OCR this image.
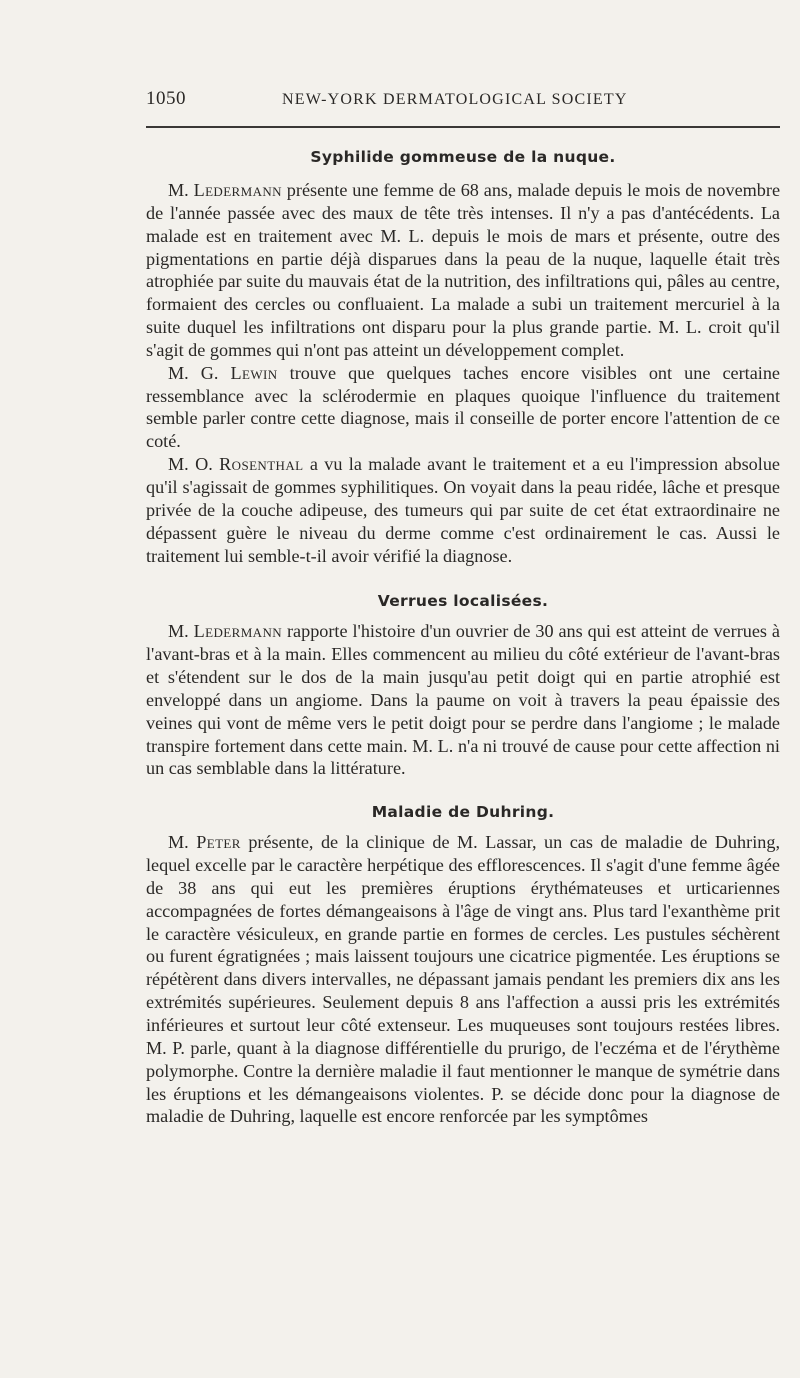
1050	NEW-YORK DERMATOLOGICAL SOCIETY
Syphilide gommeuse de la nuque.

M. Ledermann présente une femme de 68 ans, malade depuis le mois de novembre de l'année passée avec des maux de tête très intenses. Il n'y a pas d'antécédents. La malade est en traitement avec M. L. depuis le mois de mars et présente, outre des pigmentations en partie déjà disparues dans la peau de la nuque, laquelle était très atrophiée par suite du mauvais état de la nutrition, des infiltrations qui, pâles au centre, formaient des cercles ou confluaient. La malade a subi un traitement mercuriel à la suite duquel les infiltrations ont disparu pour la plus grande partie. M. L. croit qu'il s'agit de gommes qui n'ont pas atteint un développement complet.

M. G. Lewin trouve que quelques taches encore visibles ont une certaine ressemblance avec la sclérodermie en plaques quoique l'influence du traitement semble parler contre cette diagnose, mais il conseille de porter encore l'attention de ce coté.

M. O. Rosenthal a vu la malade avant le traitement et a eu l'impression absolue qu'il s'agissait de gommes syphilitiques. On voyait dans la peau ridée, lâche et presque privée de la couche adipeuse, des tumeurs qui par suite de cet état extraordinaire ne dépassent guère le niveau du derme comme c'est ordinairement le cas. Aussi le traitement lui semble-t-il avoir vérifié la diagnose.

Verrues localisées.

M. Ledermann rapporte l'histoire d'un ouvrier de 30 ans qui est atteint de verrues à l'avant-bras et à la main. Elles commencent au milieu du côté extérieur de l'avant-bras et s'étendent sur le dos de la main jusqu'au petit doigt qui en partie atrophié est enveloppé dans un angiome. Dans la paume on voit à travers la peau épaissie des veines qui vont de même vers le petit doigt pour se perdre dans l'angiome ; le malade transpire fortement dans cette main. M. L. n'a ni trouvé de cause pour cette affection ni un cas semblable dans la littérature.

Maladie de Duhring.

M. Peter présente, de la clinique de M. Lassar, un cas de maladie de Duhring, lequel excelle par le caractère herpétique des efflorescences. Il s'agit d'une femme âgée de 38 ans qui eut les premières éruptions érythémateuses et urticariennes accompagnées de fortes démangeaisons à l'âge de vingt ans. Plus tard l'exanthème prit le caractère vésiculeux, en grande partie en formes de cercles. Les pustules séchèrent ou furent égratignées ; mais laissent toujours une cicatrice pigmentée. Les éruptions se répétèrent dans divers intervalles, ne dépassant jamais pendant les premiers dix ans les extrémités supérieures. Seulement depuis 8 ans l'affection a aussi pris les extrémités inférieures et surtout leur côté extenseur. Les muqueuses sont toujours restées libres. M. P. parle, quant à la diagnose différentielle du prurigo, de l'eczéma et de l'érythème polymorphe. Contre la dernière maladie il faut mentionner le manque de symétrie dans les éruptions et les démangeaisons violentes. P. se décide donc pour la diagnose de maladie de Duhring, laquelle est encore renforcée par les symptômes
